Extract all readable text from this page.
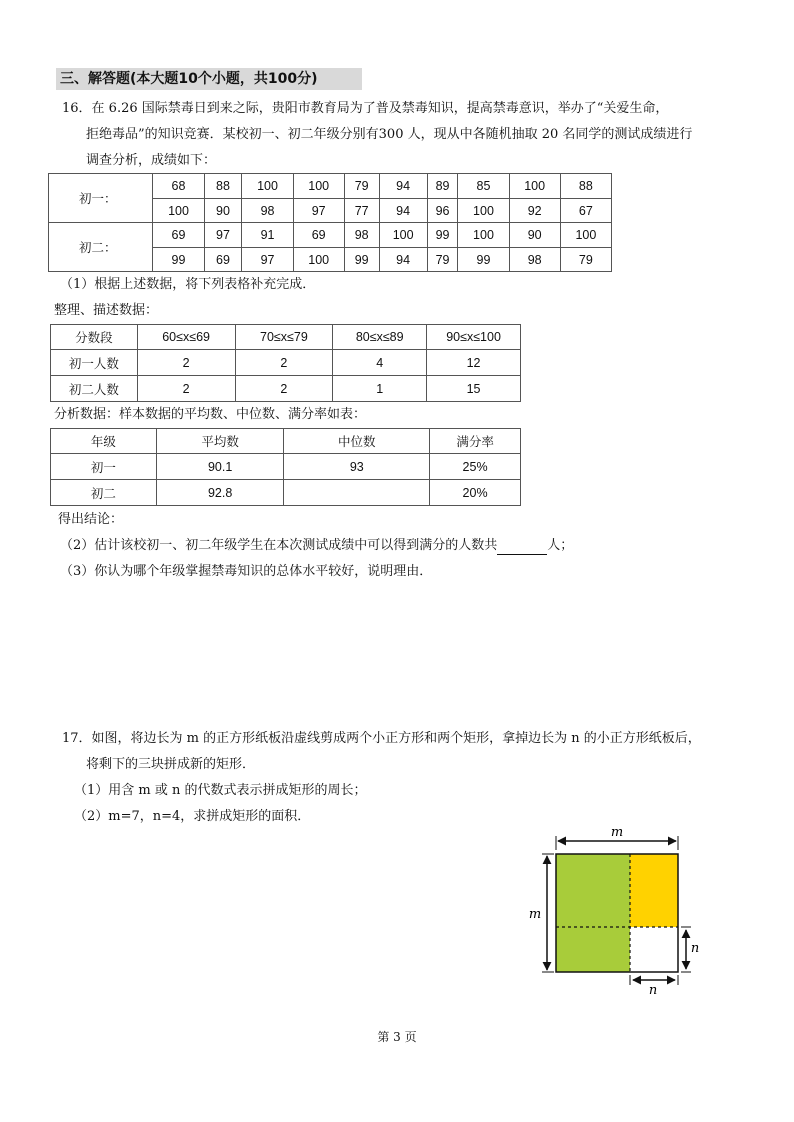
三、解答题(本大题10个小题，共100分)
16．在 6.26 国际禁毒日到来之际，贵阳市教育局为了普及禁毒知识，提高禁毒意识，举办了“关爱生命，
拒绝毒品”的知识竞赛．某校初一、初二年级分别有300 人，现从中各随机抽取 20 名同学的测试成绩进行
调查分析，成绩如下：
初一：	68	88	100	100	79	94	89	85	100	88
	100	90	98	97	77	94	96	100	92	67
初二：	69	97	91	69	98	100	99	100	90	100
	99	69	97	100	99	94	79	99	98	79
（1）根据上述数据，将下列表格补充完成．
整理、描述数据：
分数段	60≤x≤69	70≤x≤79	80≤x≤89	90≤x≤100
初一人数	2	2	4	12
初二人数	2	2	1	15
分析数据：样本数据的平均数、中位数、满分率如表：
年级	平均数	中位数	满分率
初一	90.1	93	25%
初二	92.8		20%
得出结论：
（2）估计该校初一、初二年级学生在本次测试成绩中可以得到满分的人数共	人；
（3）你认为哪个年级掌握禁毒知识的总体水平较好，说明理由．
17．如图，将边长为 m 的正方形纸板沿虚线剪成两个小正方形和两个矩形，拿掉边长为 n 的小正方形纸板后，
将剩下的三块拼成新的矩形．
（1）用含 m 或 n 的代数式表示拼成矩形的周长；
（2）m=7，n=4，求拼成矩形的面积．
m
m
n
n
第 3 页
